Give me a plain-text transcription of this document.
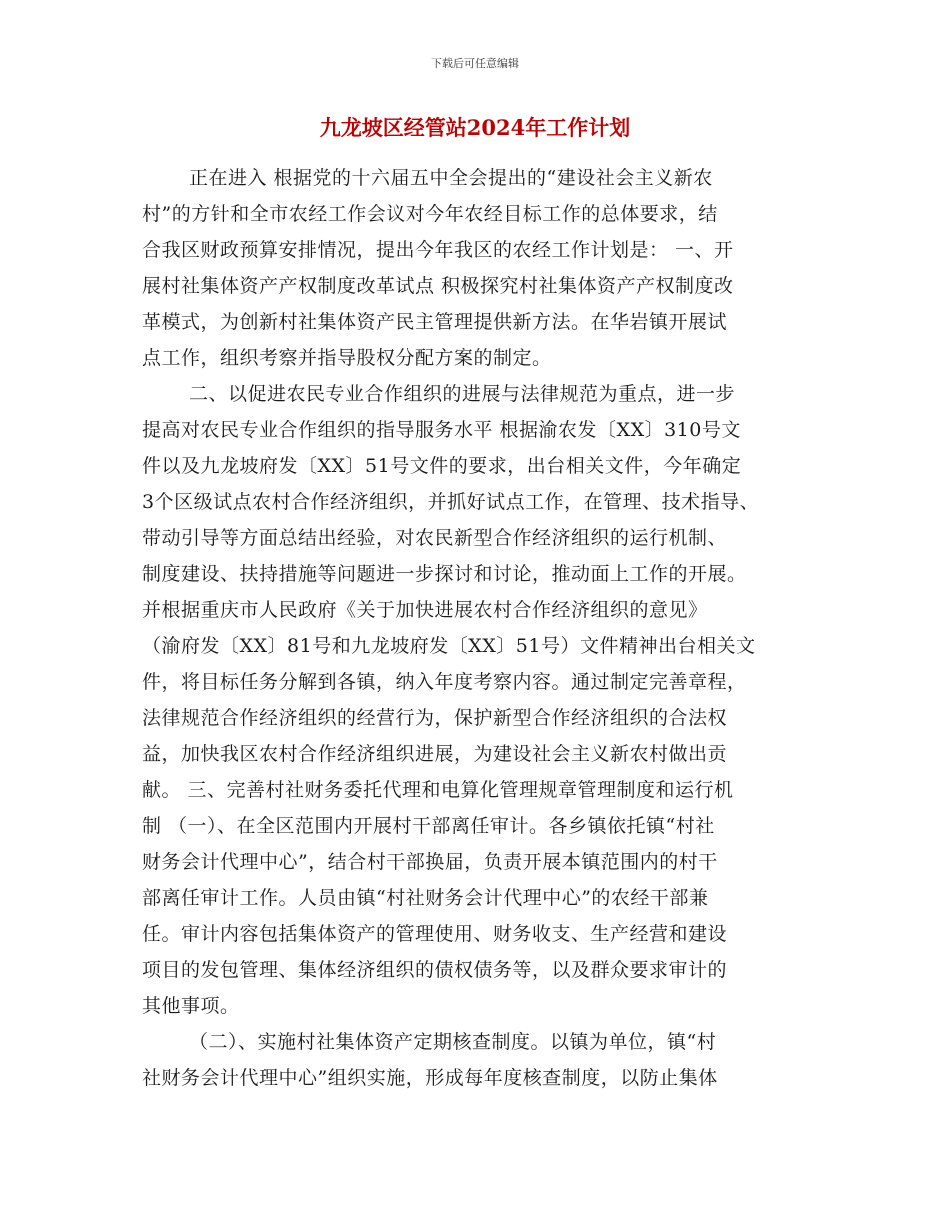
下载后可任意编辑
九龙坡区经管站2024年工作计划
正在进入 根据党的十六届五中全会提出的“建设社会主义新农
村”的方针和全市农经工作会议对今年农经目标工作的总体要求，结
合我区财政预算安排情况，提出今年我区的农经工作计划是： 一、开
展村社集体资产产权制度改革试点 积极探究村社集体资产产权制度改
革模式，为创新村社集体资产民主管理提供新方法。在华岩镇开展试
点工作，组织考察并指导股权分配方案的制定。
二、以促进农民专业合作组织的进展与法律规范为重点，进一步
提高对农民专业合作组织的指导服务水平 根据渝农发〔XX〕310号文
件以及九龙坡府发〔XX〕51号文件的要求，出台相关文件，今年确定
3个区级试点农村合作经济组织，并抓好试点工作，在管理、技术指导、
带动引导等方面总结出经验，对农民新型合作经济组织的运行机制、
制度建设、扶持措施等问题进一步探讨和讨论，推动面上工作的开展。
并根据重庆市人民政府《关于加快进展农村合作经济组织的意见》
（渝府发〔XX〕81号和九龙坡府发〔XX〕51号）文件精神出台相关文
件，将目标任务分解到各镇，纳入年度考察内容。通过制定完善章程，
法律规范合作经济组织的经营行为，保护新型合作经济组织的合法权
益，加快我区农村合作经济组织进展，为建设社会主义新农村做出贡
献。 三、完善村社财务委托代理和电算化管理规章管理制度和运行机
制 （一）、在全区范围内开展村干部离任审计。各乡镇依托镇“村社
财务会计代理中心”，结合村干部换届，负责开展本镇范围内的村干
部离任审计工作。人员由镇“村社财务会计代理中心”的农经干部兼
任。审计内容包括集体资产的管理使用、财务收支、生产经营和建设
项目的发包管理、集体经济组织的债权债务等，以及群众要求审计的
其他事项。
（二）、实施村社集体资产定期核查制度。以镇为单位，镇“村
社财务会计代理中心”组织实施，形成每年度核查制度，以防止集体
